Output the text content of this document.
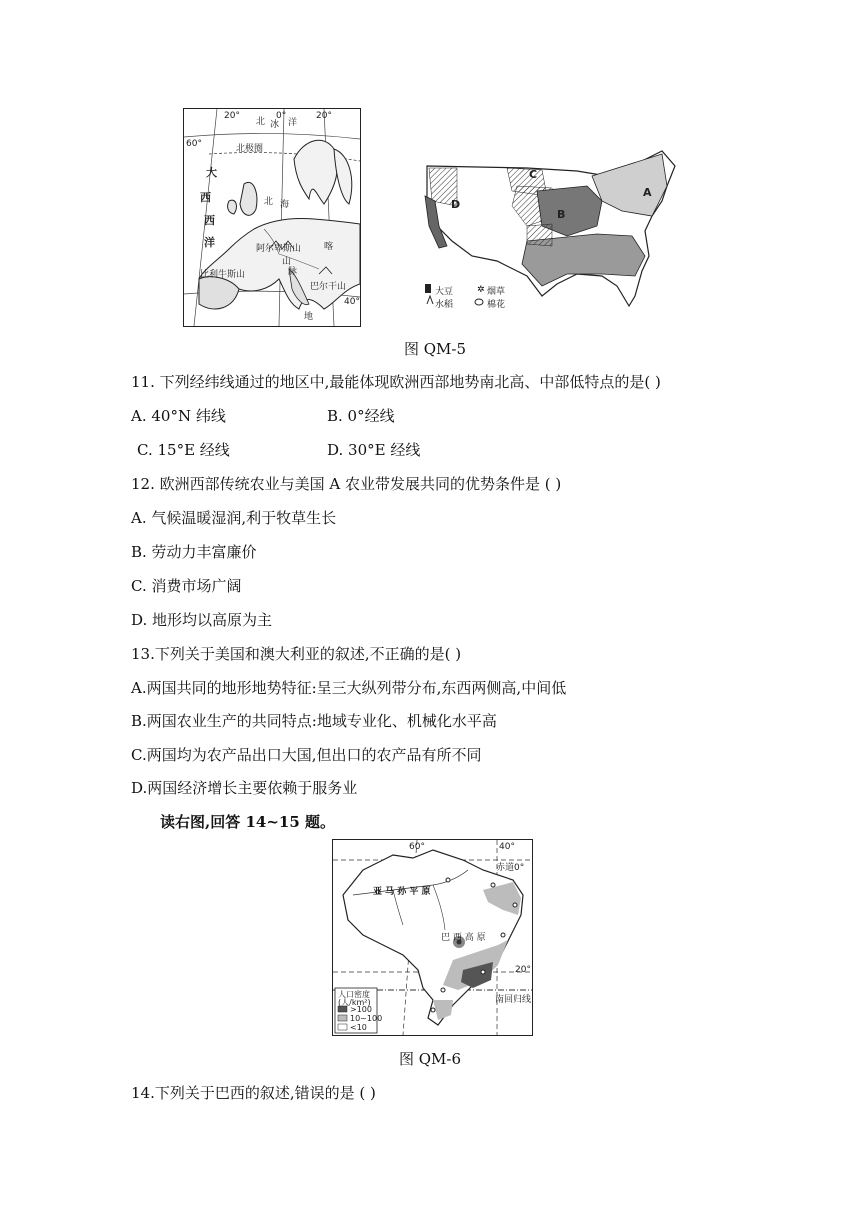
20°	0°	20°
60°
40°
北极圈
北 冰 洋
大
西
西
洋
北 海
阿尔卑斯山
比利牛斯山
巴尔干山
喀
山
脉
地
✲
A
B
C
D
大豆	烟草
水稻	棉花
图 QM-5
11. 下列经纬线通过的地区中,最能体现欧洲西部地势南北高、中部低特点的是( )
A. 40°N 纬线	B. 0°经线
C. 15°E 经线	D. 30°E 经线
12. 欧洲西部传统农业与美国 A 农业带发展共同的优势条件是 ( )
A. 气候温暖湿润,利于牧草生长
B. 劳动力丰富廉价
C. 消费市场广阔
D. 地形均以高原为主
13.下列关于美国和澳大利亚的叙述,不正确的是( )
A.两国共同的地形地势特征:呈三大纵列带分布,东西两侧高,中间低
B.两国农业生产的共同特点:地域专业化、机械化水平高
C.两国均为农产品出口大国,但出口的农产品有所不同
D.两国经济增长主要依赖于服务业
读右图,回答 14~15 题。
60°	40°
赤道0°
20°
南回归线
亚 马 孙 平 原
巴 西 高 原
人口密度
(人/km²)
>100
10~100
<10
图 QM-6
14.下列关于巴西的叙述,错误的是 ( )
